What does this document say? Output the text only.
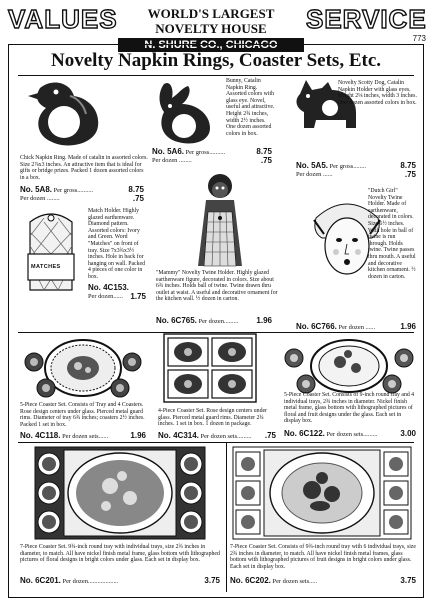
VALUES	WORLD'S LARGEST NOVELTY HOUSE
N. SHURE CO., CHICAGO
SERVICE
773
Novelty Napkin Rings, Coaster Sets, Etc.
Chick Napkin Ring. Made of catalin in assorted colors. Size 2⅞x3 inches. An attractive item that is ideal for gifts or bridge prizes. Packed 1 dozen assorted colors in a box.
No. 5A8. Per gross..........	8.75
Per dozen ........	.75
Bunny, Catalin Napkin Ring. Assorted colors with glass eye. Novel, useful and attractive. Height 2¾ inches, width 2½ inches. One dozen assorted colors in box.
No. 5A6. Per gross..........	8.75
Per dozen ........	.75
Novelty Scotty Dog, Catalin Napkin Holder with glass eyes. Height 2⅛ inches, width 3 inches. One dozen assorted colors in box.
No. 5A5. Per gross........	8.75
Per dozen ......	.75
MATCHES
Match Holder. Highly glazed earthenware. Diamond pattern. Assorted colors: Ivory and Green. Word "Matches" on front of tray. Size 7x3¾x3½ inches. Hole in back for hanging on wall. Packed 4 pieces of one color in box.
No. 4C153.
Per dozen...... 1.75
"Mammy" Novelty Twine Holder. Highly glazed earthenware figure, decorated in colors. Size about 6¾ inches. Holds ball of twine. Twine drawn thru outlet at waist. A useful and decorative ornament for the kitchen wall. ½ dozen in carton.
No. 6C765. Per dozen......... 1.96
"Dutch Girl" Novelty Twine Holder. Made of earthenware, decorated in colors. Size 6½ inches. With hole in ball of twine is run through. Holds twine. Twine passes thru mouth. A useful and decorative kitchen ornament. ½ dozen in carton.
No. 6C766. Per dozen ......	1.96
5-Piece Coaster Set. Consists of Tray and 4 Coasters. Rose design centers under glass. Pierced metal guard rims. Diameter of tray 6¾ inches; coasters 2½ inches. Packed 1 set in box.
No. 4C118. Per dozen sets......	1.96
4-Piece Coaster Set. Rose design centers under glass. Pierced metal guard rims. Diameter 2¾ inches. 1 set in box. 1 dozen in package.
No. 4C314. Per dozen sets......... .75
5-Piece Coaster Set. Consists of 9-inch round tray and 4 individual trays, 2¾ inches in diameter. Nickel finish metal frame, glass bottom with lithographed pictures of floral and fruit designs under the glass. Each set in display box.
No. 6C122. Per dozen sets.........	3.00
7-Piece Coaster Set. 9¾-inch round tray with individual trays, size 2¾ inches in diameter, to match. All have nickel finish metal frame, glass bottom with lithographed pictures of floral designs in bright colors under glass. Each set in display box.
No. 6C201. Per dozen...................	3.75
7-Piece Coaster Set. Consists of 9¾-inch round tray with 6 individual trays, size 2¾ inches in diameter, to match. All have nickel finish metal frames, glass bottom with lithographed pictures of fruit designs in bright colors under glass. Each set in display box.
No. 6C202. Per dozen sets.....	3.75
